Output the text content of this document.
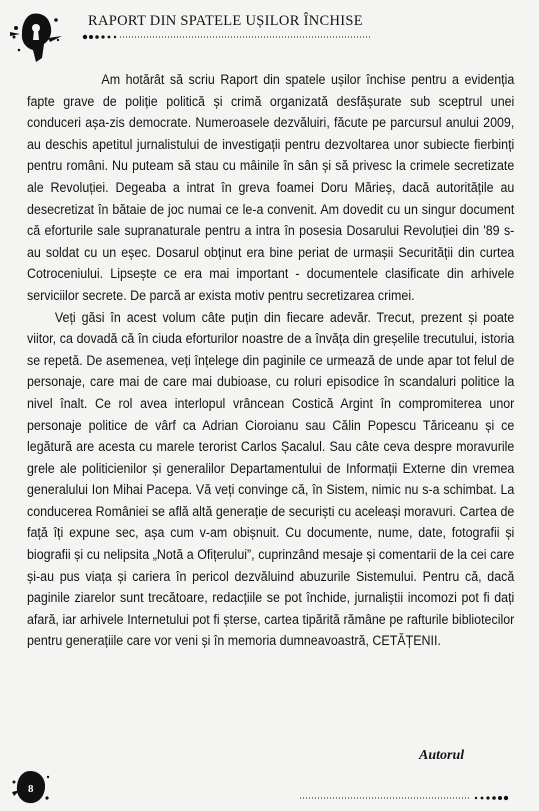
RAPORT DIN SPATELE UȘILOR ÎNCHISE

Am hotărât să scriu Raport din spatele ușilor închise pentru a evidenția fapte grave de poliție politică și crimă organizată desfășurate sub sceptrul unei conduceri așa-zis democrate. Numeroasele dezvăluiri, făcute pe parcursul anului 2009, au deschis apetitul jurnalistului de investigații pentru dezvoltarea unor subiecte fierbinți pentru români. Nu puteam să stau cu mâinile în sân și să privesc la crimele secretizate ale Revoluției. Degeaba a intrat în greva foamei Doru Mărieș, dacă autoritățile au desecretizat în bătaie de joc numai ce le-a convenit. Am dovedit cu un singur document că eforturile sale supranaturale pentru a intra în posesia Dosarului Revoluției din '89 s-au soldat cu un eșec. Dosarul obținut era bine periat de urmașii Securității din curtea Cotroceniului. Lipsește ce era mai important - documentele clasificate din arhivele serviciilor secrete. De parcă ar exista motiv pentru secretizarea crimei.

Veți găsi în acest volum câte puțin din fiecare adevăr. Trecut, prezent și poate viitor, ca dovadă că în ciuda eforturilor noastre de a învăța din greșelile trecutului, istoria se repetă. De asemenea, veți înțelege din paginile ce urmează de unde apar tot felul de personaje, care mai de care mai dubioase, cu roluri episodice în scandaluri politice la nivel înalt. Ce rol avea interlopul vrâncean Costică Argint în compromiterea unor personaje politice de vârf ca Adrian Cioroianu sau Călin Popescu Tăriceanu și ce legătură are acesta cu marele terorist Carlos Șacalul. Sau câte ceva despre moravurile grele ale politicienilor și generalilor Departamentului de Informații Externe din vremea generalului Ion Mihai Pacepa. Vă veți convinge că, în Sistem, nimic nu s-a schimbat. La conducerea României se află altă generație de securiști cu aceleași moravuri. Cartea de față îți expune sec, așa cum v-am obișnuit. Cu documente, nume, date, fotografii și biografii și cu nelipsita „Notă a Ofițerului”, cuprinzând mesaje și comentarii de la cei care și-au pus viața și cariera în pericol dezvăluind abuzurile Sistemului. Pentru că, dacă paginile ziarelor sunt trecătoare, redacțiile se pot închide, jurnaliștii incomozi pot fi dați afară, iar arhivele Internetului pot fi șterse, cartea tipărită rămâne pe rafturile bibliotecilor pentru generațiile care vor veni și în memoria dumneavoastră, CETĂȚENII.

Autorul
8
